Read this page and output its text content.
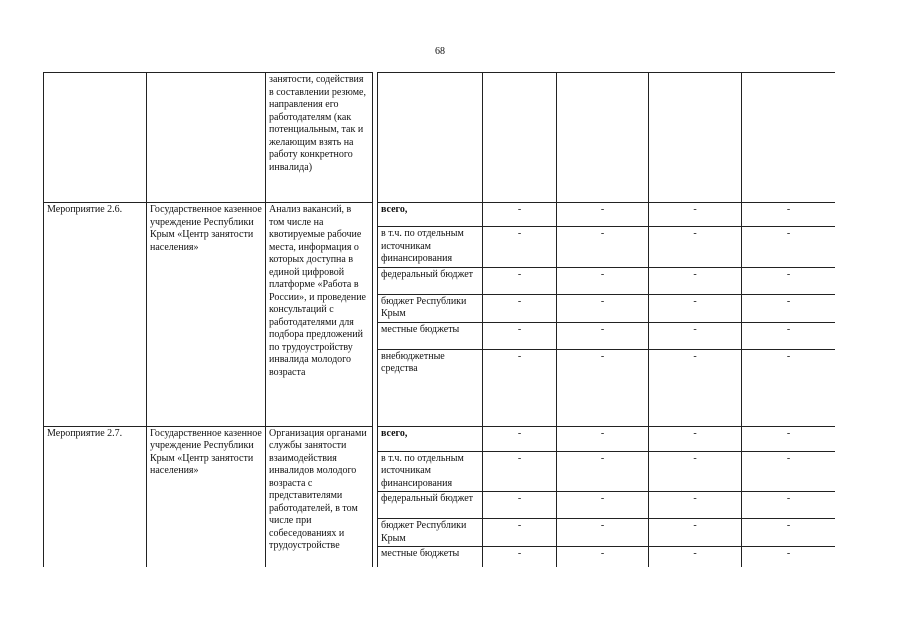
68
		занятости, содействия в составлении резюме, направления его работодателям (как потенциальным, так и желающим взять на работу конкретного инвалида)						
Мероприятие 2.6.	Государственное казенное учреждение Республики Крым «Центр занятости населения»	Анализ вакансий, в том числе на квотируемые рабочие места, информация о которых доступна в единой цифровой платформе «Работа в России», и проведение консультаций с работодателями для подбора предложений по трудоустройству инвалида молодого возраста		всего,	-	-	-	-
				в т.ч. по отдельным источникам финансирования	-	-	-	-
				федеральный бюджет	-	-	-	-
				бюджет Республики Крым	-	-	-	-
				местные бюджеты	-	-	-	-
				внебюджетные средства	-	-	-	-
Мероприятие 2.7.	Государственное казенное учреждение Республики Крым «Центр занятости населения»	Организация органами службы занятости взаимодействия инвалидов молодого возраста с представителями работодателей, в том числе при собеседованиях и трудоустройстве		всего,	-	-	-	-
				в т.ч. по отдельным источникам финансирования	-	-	-	-
				федеральный бюджет	-	-	-	-
				бюджет Республики Крым	-	-	-	-
				местные бюджеты	-	-	-	-
